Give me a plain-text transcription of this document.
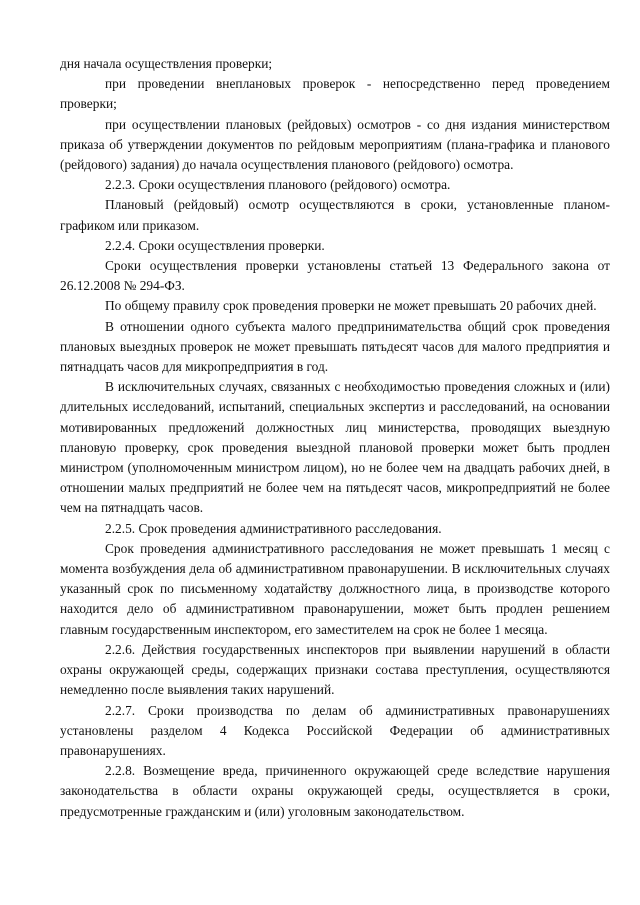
дня начала осуществления проверки;

при проведении внеплановых проверок - непосредственно перед проведением проверки;

при осуществлении плановых (рейдовых) осмотров - со дня издания министерством приказа об утверждении документов по рейдовым мероприятиям (плана-графика и планового (рейдового) задания) до начала осуществления планового (рейдового) осмотра.

2.2.3. Сроки осуществления планового (рейдового) осмотра.

Плановый (рейдовый) осмотр осуществляются в сроки, установленные планом-графиком или приказом.

2.2.4. Сроки осуществления проверки.

Сроки осуществления проверки установлены статьей 13 Федерального закона от 26.12.2008 № 294-ФЗ.

По общему правилу срок проведения проверки не может превышать 20 рабочих дней.

В отношении одного субъекта малого предпринимательства общий срок проведения плановых выездных проверок не может превышать пятьдесят часов для малого предприятия и пятнадцать часов для микропредприятия в год.

В исключительных случаях, связанных с необходимостью проведения сложных и (или) длительных исследований, испытаний, специальных экспертиз и расследований, на основании мотивированных предложений должностных лиц министерства, проводящих выездную плановую проверку, срок проведения выездной плановой проверки может быть продлен министром (уполномоченным министром лицом), но не более чем на двадцать рабочих дней, в отношении малых предприятий не более чем на пятьдесят часов, микропредприятий не более чем на пятнадцать часов.

2.2.5. Срок проведения административного расследования.

Срок проведения административного расследования не может превышать 1 месяц с момента возбуждения дела об административном правонарушении. В исключительных случаях указанный срок по письменному ходатайству должностного лица, в производстве которого находится дело об административном правонарушении, может быть продлен решением главным государственным инспектором, его заместителем на срок не более 1 месяца.

2.2.6. Действия государственных инспекторов при выявлении нарушений в области охраны окружающей среды, содержащих признаки состава преступления, осуществляются немедленно после выявления таких нарушений.

2.2.7. Сроки производства по делам об административных правонарушениях установлены разделом 4 Кодекса Российской Федерации об административных правонарушениях.

2.2.8. Возмещение вреда, причиненного окружающей среде вследствие нарушения законодательства в области охраны окружающей среды, осуществляется в сроки, предусмотренные гражданским и (или) уголовным законодательством.
